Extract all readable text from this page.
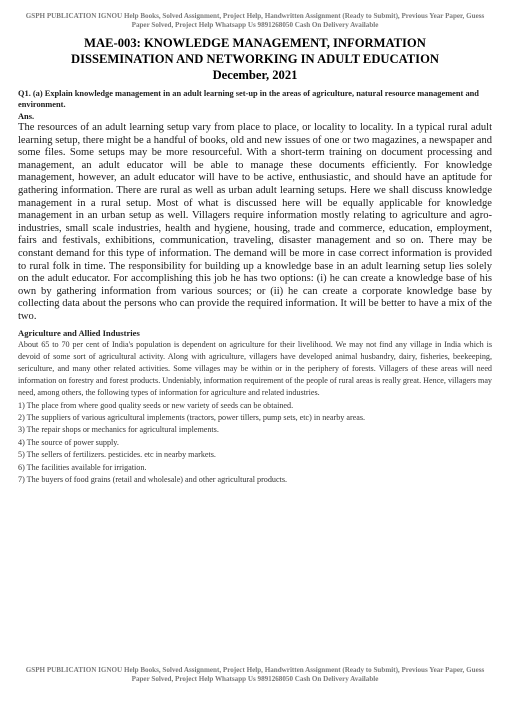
GSPH PUBLICATION IGNOU Help Books, Solved Assignment, Project Help, Handwritten Assignment (Ready to Submit), Previous Year Paper, Guess Paper Solved, Project Help Whatsapp Us 9891268050 Cash On Delivery Available
MAE-003: KNOWLEDGE MANAGEMENT, INFORMATION
DISSEMINATION AND NETWORKING IN ADULT EDUCATION
December, 2021
Q1. (a) Explain knowledge management in an adult learning set-up in the areas of agriculture, natural resource management and environment.
Ans.

The resources of an adult learning setup vary from place to place, or locality to locality. In a typical rural adult learning setup, there might be a handful of books, old and new issues of one or two magazines, a newspaper and some files. Some setups may be more resourceful. With a short-term training on document processing and management, an adult educator will be able to manage these documents efficiently. For knowledge management, however, an adult educator will have to be active, enthusiastic, and should have an aptitude for gathering information. There are rural as well as urban adult learning setups. Here we shall discuss knowledge management in a rural setup. Most of what is discussed here will be equally applicable for knowledge management in an urban setup as well. Villagers require information mostly relating to agriculture and agro-industries, small scale industries, health and hygiene, housing, trade and commerce, education, employment, fairs and festivals, exhibitions, communication, traveling, disaster management and so on. There may be constant demand for this type of information. The demand will be more in case correct information is provided to rural folk in time. The responsibility for building up a knowledge base in an adult learning setup lies solely on the adult educator. For accomplishing this job he has two options: (i) he can create a knowledge base of his own by gathering information from various sources; or (ii) he can create a corporate knowledge base by collecting data about the persons who can provide the required information. It will be better to have a mix of the two.

Agriculture and Allied Industries

About 65 to 70 per cent of India's population is dependent on agriculture for their livelihood. We may not find any village in India which is devoid of some sort of agricultural activity. Along with agriculture, villagers have developed animal husbandry, dairy, fisheries, beekeeping, sericulture, and many other related activities. Some villages may be within or in the periphery of forests. Villagers of these areas will need information on forestry and forest products. Undeniably, information requirement of the people of rural areas is really great. Hence, villagers may need, among others, the following types of information for agriculture and related industries.

1) The place from where good quality seeds or new variety of seeds can be obtained.
2) The suppliers of various agricultural implements (tractors, power tillers, pump sets, etc) in nearby areas.
3) The repair shops or mechanics for agricultural implements.
4) The source of power supply.
5) The sellers of fertilizers. pesticides. etc in nearby markets.
6) The facilities available for irrigation.
7) The buyers of food grains (retail and wholesale) and other agricultural products.
GSPH PUBLICATION IGNOU Help Books, Solved Assignment, Project Help, Handwritten Assignment (Ready to Submit), Previous Year Paper, Guess Paper Solved, Project Help Whatsapp Us 9891268050 Cash On Delivery Available
